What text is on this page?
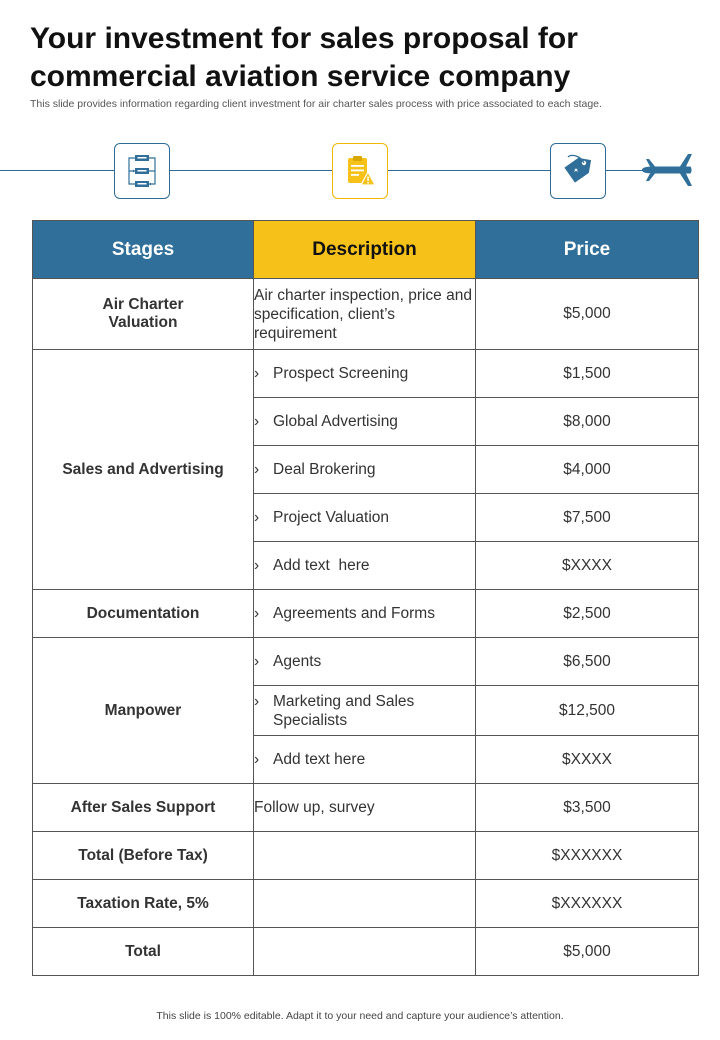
Your investment for sales proposal for commercial aviation service company

This slide provides information regarding client investment for air charter sales process with price associated to each stage.

Stages	Description	Price
Air Charter Valuation	Air charter inspection, price and specification, client’s requirement	$5,000
Sales and Advertising	› Prospect Screening	$1,500

	› Global Advertising	$8,000

	› Deal Brokering	$4,000

	› Project Valuation	$7,500

	› Add text  here	$XXXX
Documentation	› Agreements and Forms	$2,500
Manpower	› Agents	$6,500

	› Marketing and Sales Specialists	$12,500

	› Add text here	$XXXX
After Sales Support	Follow up, survey	$3,500
Total (Before Tax)		$XXXXXX
Taxation Rate, 5%		$XXXXXX
Total		$5,000

This slide is 100% editable. Adapt it to your need and capture your audience’s attention.
